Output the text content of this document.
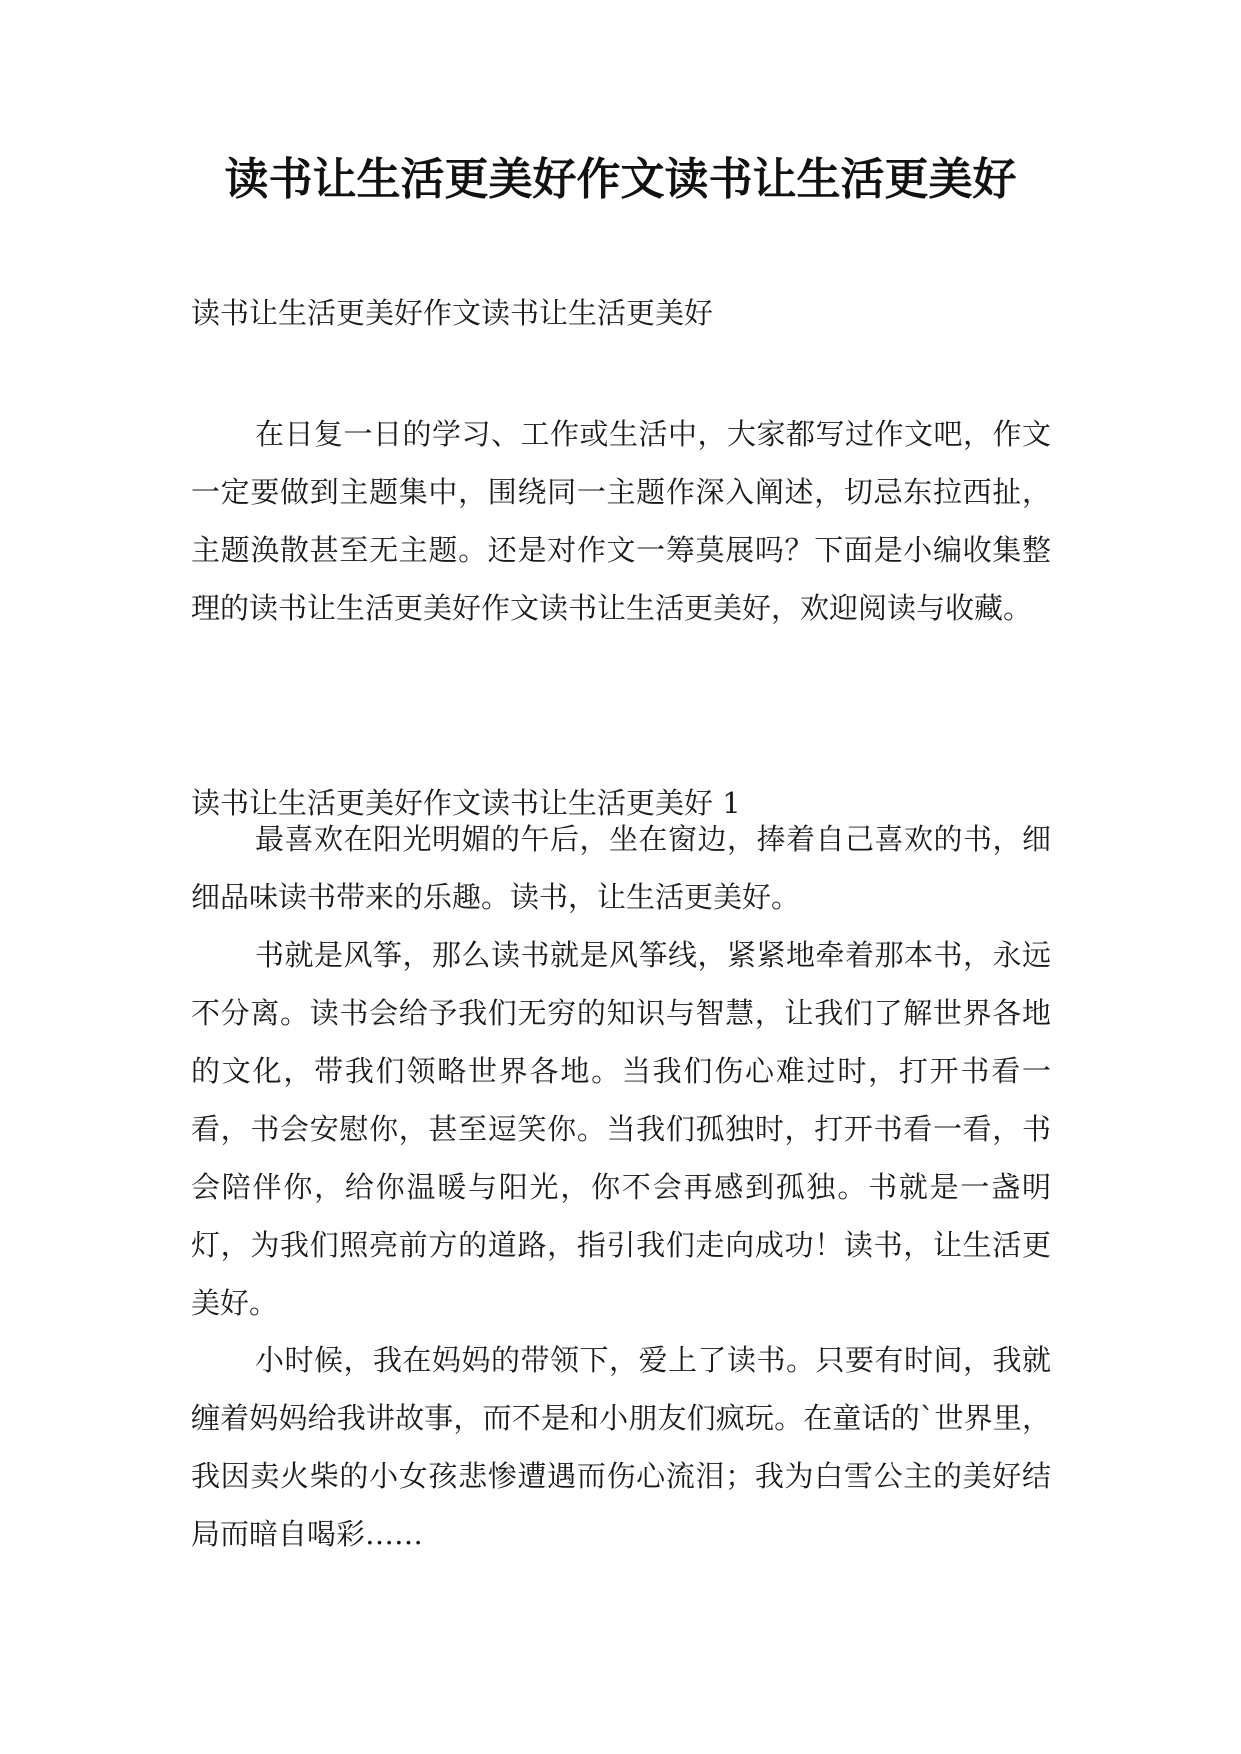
读书让生活更美好作文读书让生活更美好

读书让生活更美好作文读书让生活更美好

在日复一日的学习、工作或生活中，大家都写过作文吧，作文一定要做到主题集中，围绕同一主题作深入阐述，切忌东拉西扯，主题涣散甚至无主题。还是对作文一筹莫展吗？下面是小编收集整理的读书让生活更美好作文读书让生活更美好，欢迎阅读与收藏。

读书让生活更美好作文读书让生活更美好 1

最喜欢在阳光明媚的午后，坐在窗边，捧着自己喜欢的书，细细品味读书带来的乐趣。读书，让生活更美好。

书就是风筝，那么读书就是风筝线，紧紧地牵着那本书，永远不分离。读书会给予我们无穷的知识与智慧，让我们了解世界各地的文化，带我们领略世界各地。当我们伤心难过时，打开书看一看，书会安慰你，甚至逗笑你。当我们孤独时，打开书看一看，书会陪伴你，给你温暖与阳光，你不会再感到孤独。书就是一盏明灯，为我们照亮前方的道路，指引我们走向成功！读书，让生活更美好。

小时候，我在妈妈的带领下，爱上了读书。只要有时间，我就缠着妈妈给我讲故事，而不是和小朋友们疯玩。在童话的`世界里，我因卖火柴的小女孩悲惨遭遇而伤心流泪；我为白雪公主的美好结局而暗自喝彩……
